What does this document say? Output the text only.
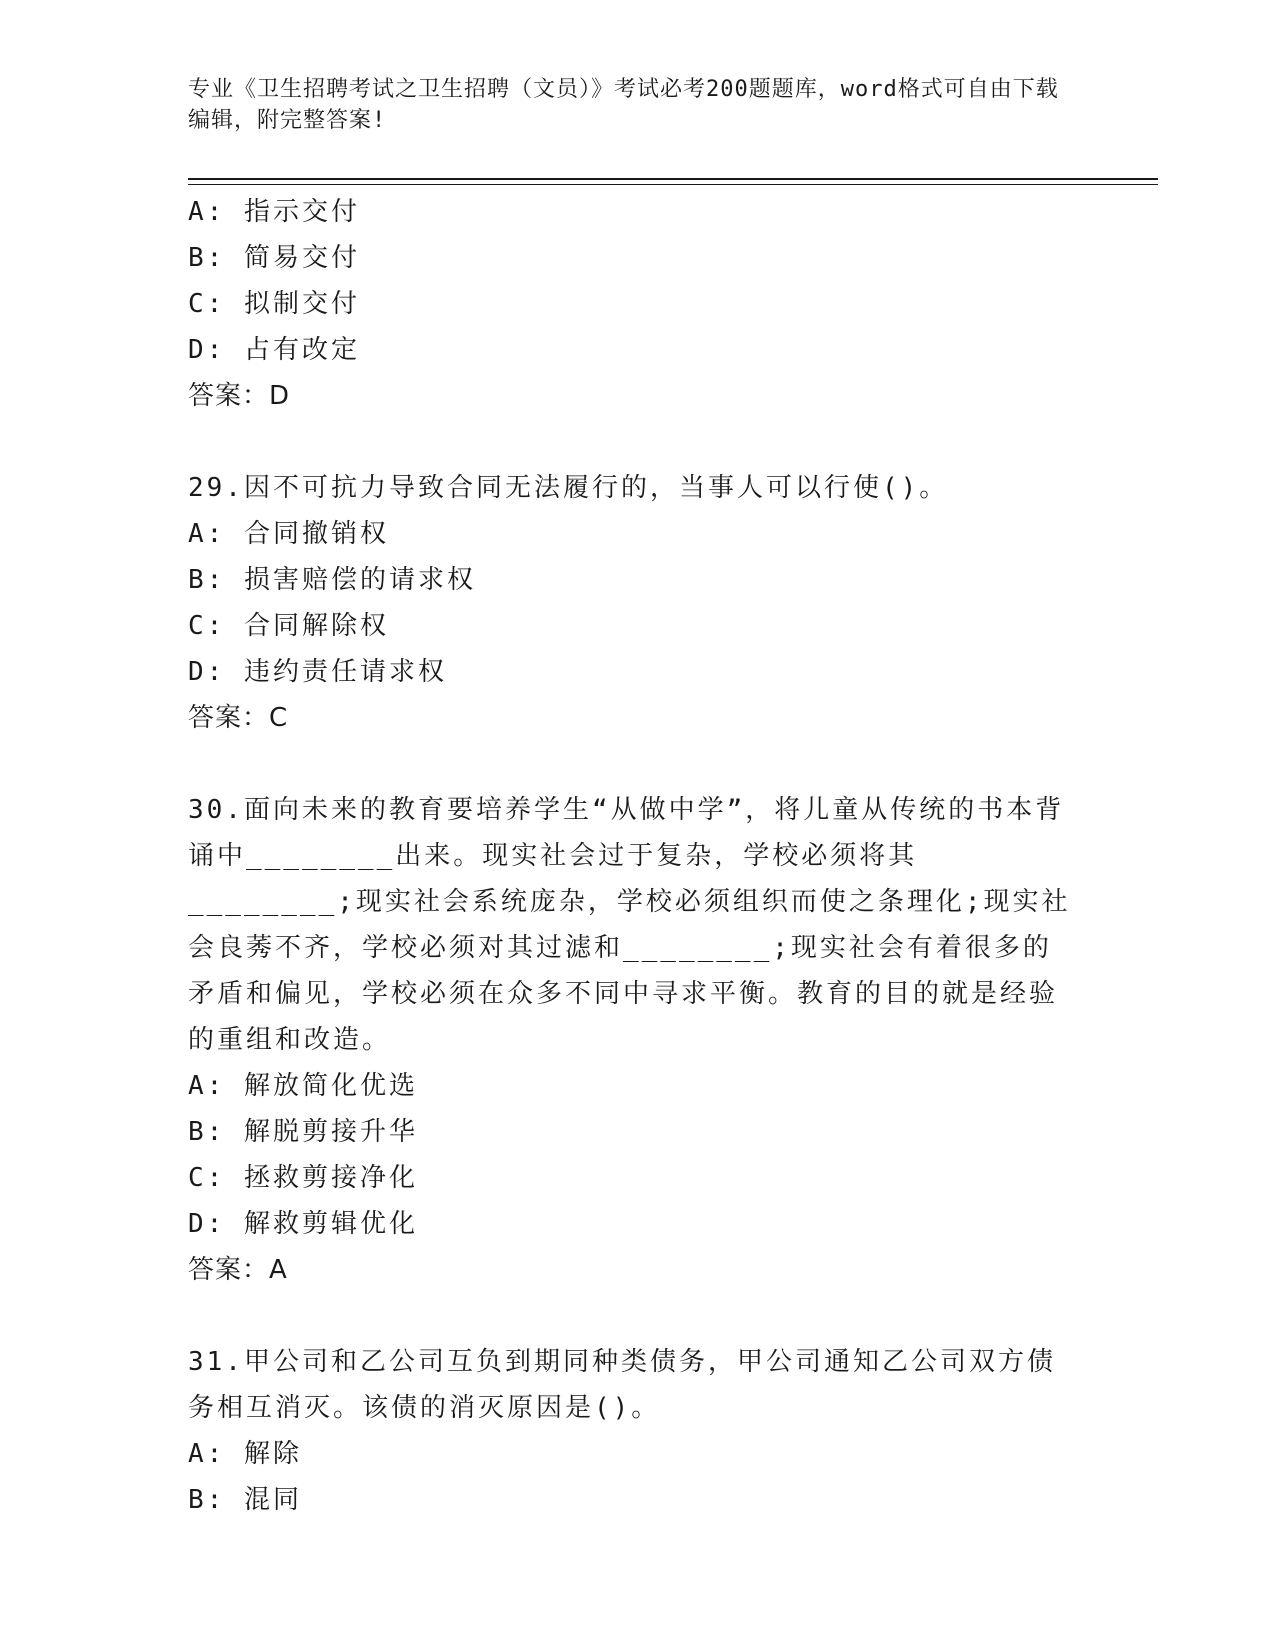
专业《卫生招聘考试之卫生招聘（文员）》考试必考200题题库，word格式可自由下载编辑，附完整答案!
A: 指示交付
B: 简易交付
C: 拟制交付
D: 占有改定
答案：D
29.因不可抗力导致合同无法履行的，当事人可以行使()。
A: 合同撤销权
B: 损害赔偿的请求权
C: 合同解除权
D: 违约责任请求权
答案：C
30.面向未来的教育要培养学生“从做中学”，将儿童从传统的书本背诵中________出来。现实社会过于复杂，学校必须将其________;现实社会系统庞杂，学校必须组织而使之条理化;现实社会良莠不齐，学校必须对其过滤和________;现实社会有着很多的矛盾和偏见，学校必须在众多不同中寻求平衡。教育的目的就是经验的重组和改造。
A: 解放简化优选
B: 解脱剪接升华
C: 拯救剪接净化
D: 解救剪辑优化
答案：A
31.甲公司和乙公司互负到期同种类债务，甲公司通知乙公司双方债务相互消灭。该债的消灭原因是()。
A: 解除
B: 混同
